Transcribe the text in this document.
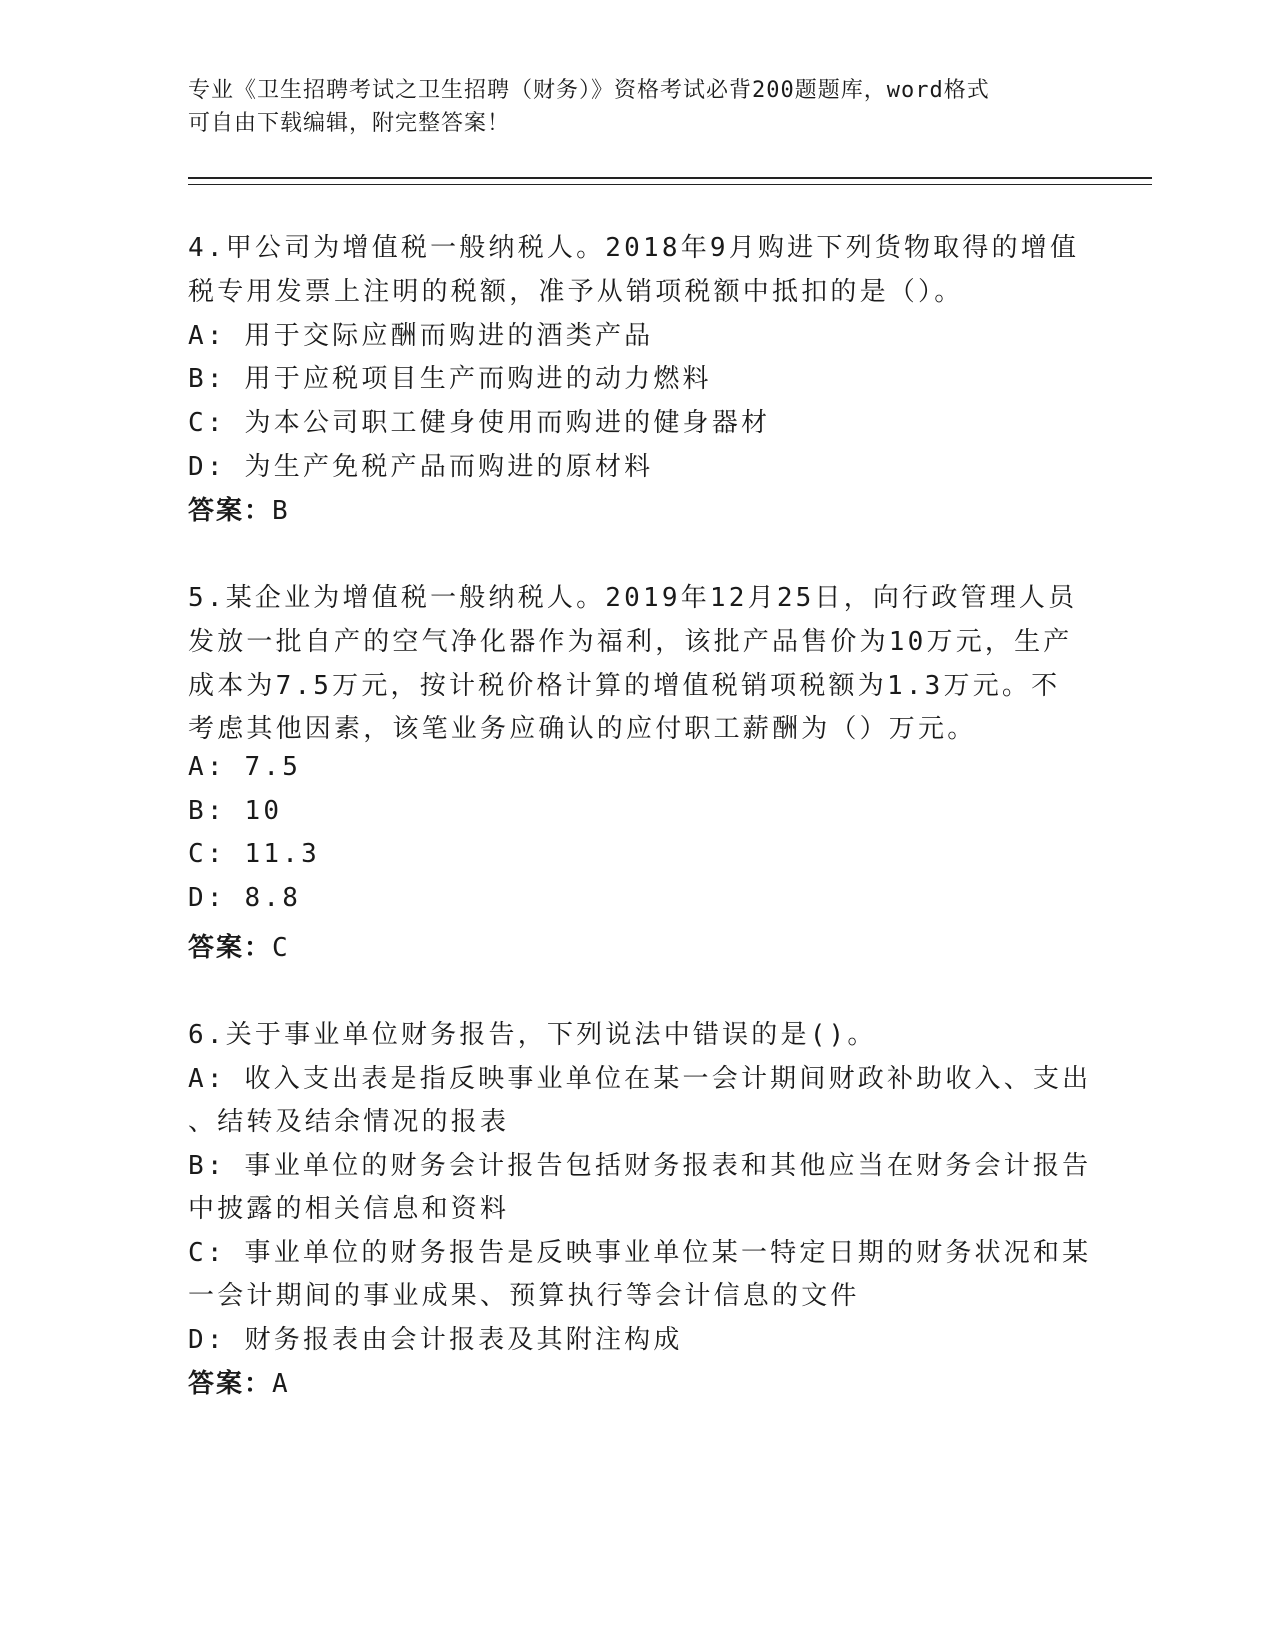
专业《卫生招聘考试之卫生招聘（财务）》资格考试必背200题题库，word格式
可自由下载编辑，附完整答案！
4.甲公司为增值税一般纳税人。2018年9月购进下列货物取得的增值
税专用发票上注明的税额，准予从销项税额中抵扣的是（）。
A: 用于交际应酬而购进的酒类产品
B: 用于应税项目生产而购进的动力燃料
C: 为本公司职工健身使用而购进的健身器材
D: 为生产免税产品而购进的原材料
答案：B
5.某企业为增值税一般纳税人。2019年12月25日，向行政管理人员
发放一批自产的空气净化器作为福利，该批产品售价为10万元，生产
成本为7.5万元，按计税价格计算的增值税销项税额为1.3万元。不
考虑其他因素，该笔业务应确认的应付职工薪酬为（）万元。
A: 7.5
B: 10
C: 11.3
D: 8.8
答案：C
6.关于事业单位财务报告，下列说法中错误的是()。
A: 收入支出表是指反映事业单位在某一会计期间财政补助收入、支出
、结转及结余情况的报表
B: 事业单位的财务会计报告包括财务报表和其他应当在财务会计报告
中披露的相关信息和资料
C: 事业单位的财务报告是反映事业单位某一特定日期的财务状况和某
一会计期间的事业成果、预算执行等会计信息的文件
D: 财务报表由会计报表及其附注构成
答案：A
